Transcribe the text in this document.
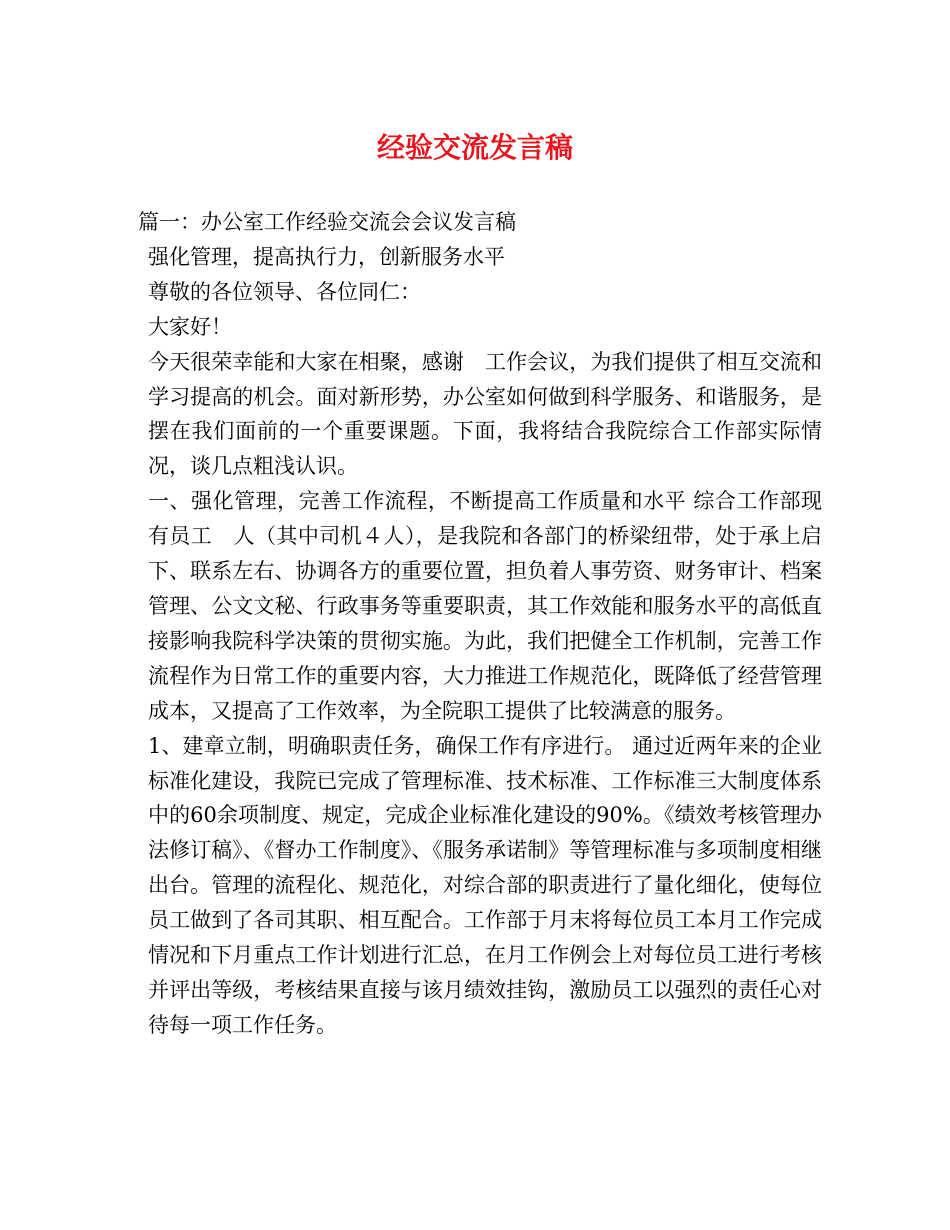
经验交流发言稿

篇一：办公室工作经验交流会会议发言稿

强化管理，提高执行力，创新服务水平

尊敬的各位领导、各位同仁：

大家好！

今天很荣幸能和大家在相聚，感谢　工作会议，为我们提供了相互交流和学习提高的机会。面对新形势，办公室如何做到科学服务、和谐服务，是摆在我们面前的一个重要课题。下面，我将结合我院综合工作部实际情况，谈几点粗浅认识。

一、强化管理，完善工作流程，不断提高工作质量和水平 综合工作部现有员工　人（其中司机４人），是我院和各部门的桥梁纽带，处于承上启下、联系左右、协调各方的重要位置，担负着人事劳资、财务审计、档案管理、公文文秘、行政事务等重要职责，其工作效能和服务水平的高低直接影响我院科学决策的贯彻实施。为此，我们把健全工作机制，完善工作流程作为日常工作的重要内容，大力推进工作规范化，既降低了经营管理成本，又提高了工作效率，为全院职工提供了比较满意的服务。

1、建章立制，明确职责任务，确保工作有序进行。 通过近两年来的企业标准化建设，我院已完成了管理标准、技术标准、工作标准三大制度体系中的60余项制度、规定，完成企业标准化建设的90%。《绩效考核管理办法修订稿》、《督办工作制度》、《服务承诺制》等管理标准与多项制度相继出台。管理的流程化、规范化，对综合部的职责进行了量化细化，使每位员工做到了各司其职、相互配合。工作部于月末将每位员工本月工作完成情况和下月重点工作计划进行汇总，在月工作例会上对每位员工进行考核并评出等级，考核结果直接与该月绩效挂钩，激励员工以强烈的责任心对待每一项工作任务。
